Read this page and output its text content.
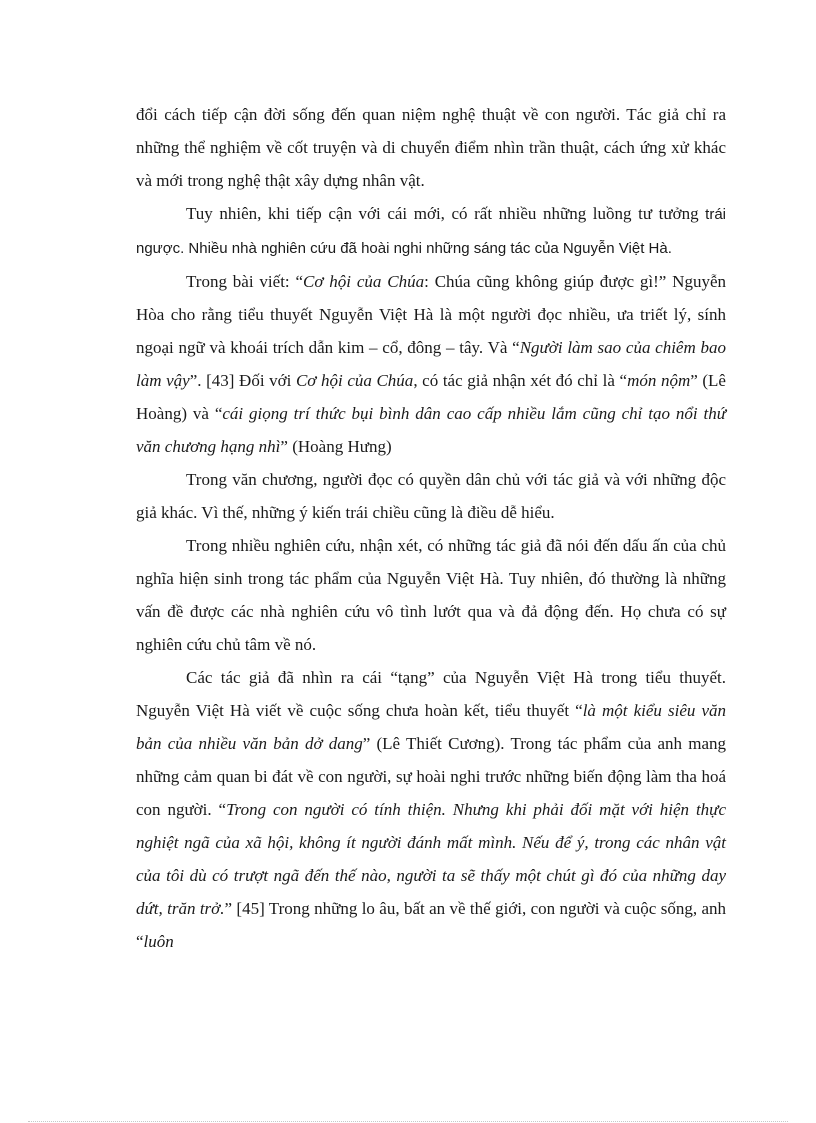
đổi cách tiếp cận đời sống đến quan niệm nghệ thuật về con người. Tác giả chỉ ra những thể nghiệm về cốt truyện và di chuyển điểm nhìn trần thuật, cách ứng xử khác và mới trong nghệ thật xây dựng nhân vật.

Tuy nhiên, khi tiếp cận với cái mới, có rất nhiều những luồng tư tưởng trái ngược. Nhiều nhà nghiên cứu đã hoài nghi những sáng tác của Nguyễn Việt Hà.

Trong bài viết: “Cơ hội của Chúa: Chúa cũng không giúp được gì!” Nguyễn Hòa cho rằng tiểu thuyết Nguyễn Việt Hà là một người đọc nhiều, ưa triết lý, sính ngoại ngữ và khoái trích dẫn kim – cổ, đông – tây. Và “Người làm sao của chiêm bao làm vậy”. [43] Đối với Cơ hội của Chúa, có tác giả nhận xét đó chỉ là “món nộm” (Lê Hoàng) và “cái giọng trí thức bụi bình dân cao cấp nhiều lắm cũng chỉ tạo nổi thứ văn chương hạng nhì” (Hoàng Hưng)

Trong văn chương, người đọc có quyền dân chủ với tác giả và với những độc giả khác. Vì thế, những ý kiến trái chiều cũng là điều dễ hiểu.

Trong nhiều nghiên cứu, nhận xét, có những tác giả đã nói đến dấu ấn của chủ nghĩa hiện sinh trong tác phẩm của Nguyễn Việt Hà. Tuy nhiên, đó thường là những vấn đề được các nhà nghiên cứu vô tình lướt qua và đả động đến. Họ chưa có sự nghiên cứu chủ tâm về nó.

Các tác giả đã nhìn ra cái “tạng” của Nguyễn Việt Hà trong tiểu thuyết. Nguyễn Việt Hà viết về cuộc sống chưa hoàn kết, tiểu thuyết “là một kiểu siêu văn bản của nhiều văn bản dở dang” (Lê Thiết Cương). Trong tác phẩm của anh mang những cảm quan bi đát về con người, sự hoài nghi trước những biến động làm tha hoá con người. “Trong con người có tính thiện. Nhưng khi phải đối mặt với hiện thực nghiệt ngã của xã hội, không ít người đánh mất mình. Nếu để ý, trong các nhân vật của tôi dù có trượt ngã đến thế nào, người ta sẽ thấy một chút gì đó của những day dứt, trăn trở.” [45] Trong những lo âu, bất an về thế giới, con người và cuộc sống, anh “luôn
